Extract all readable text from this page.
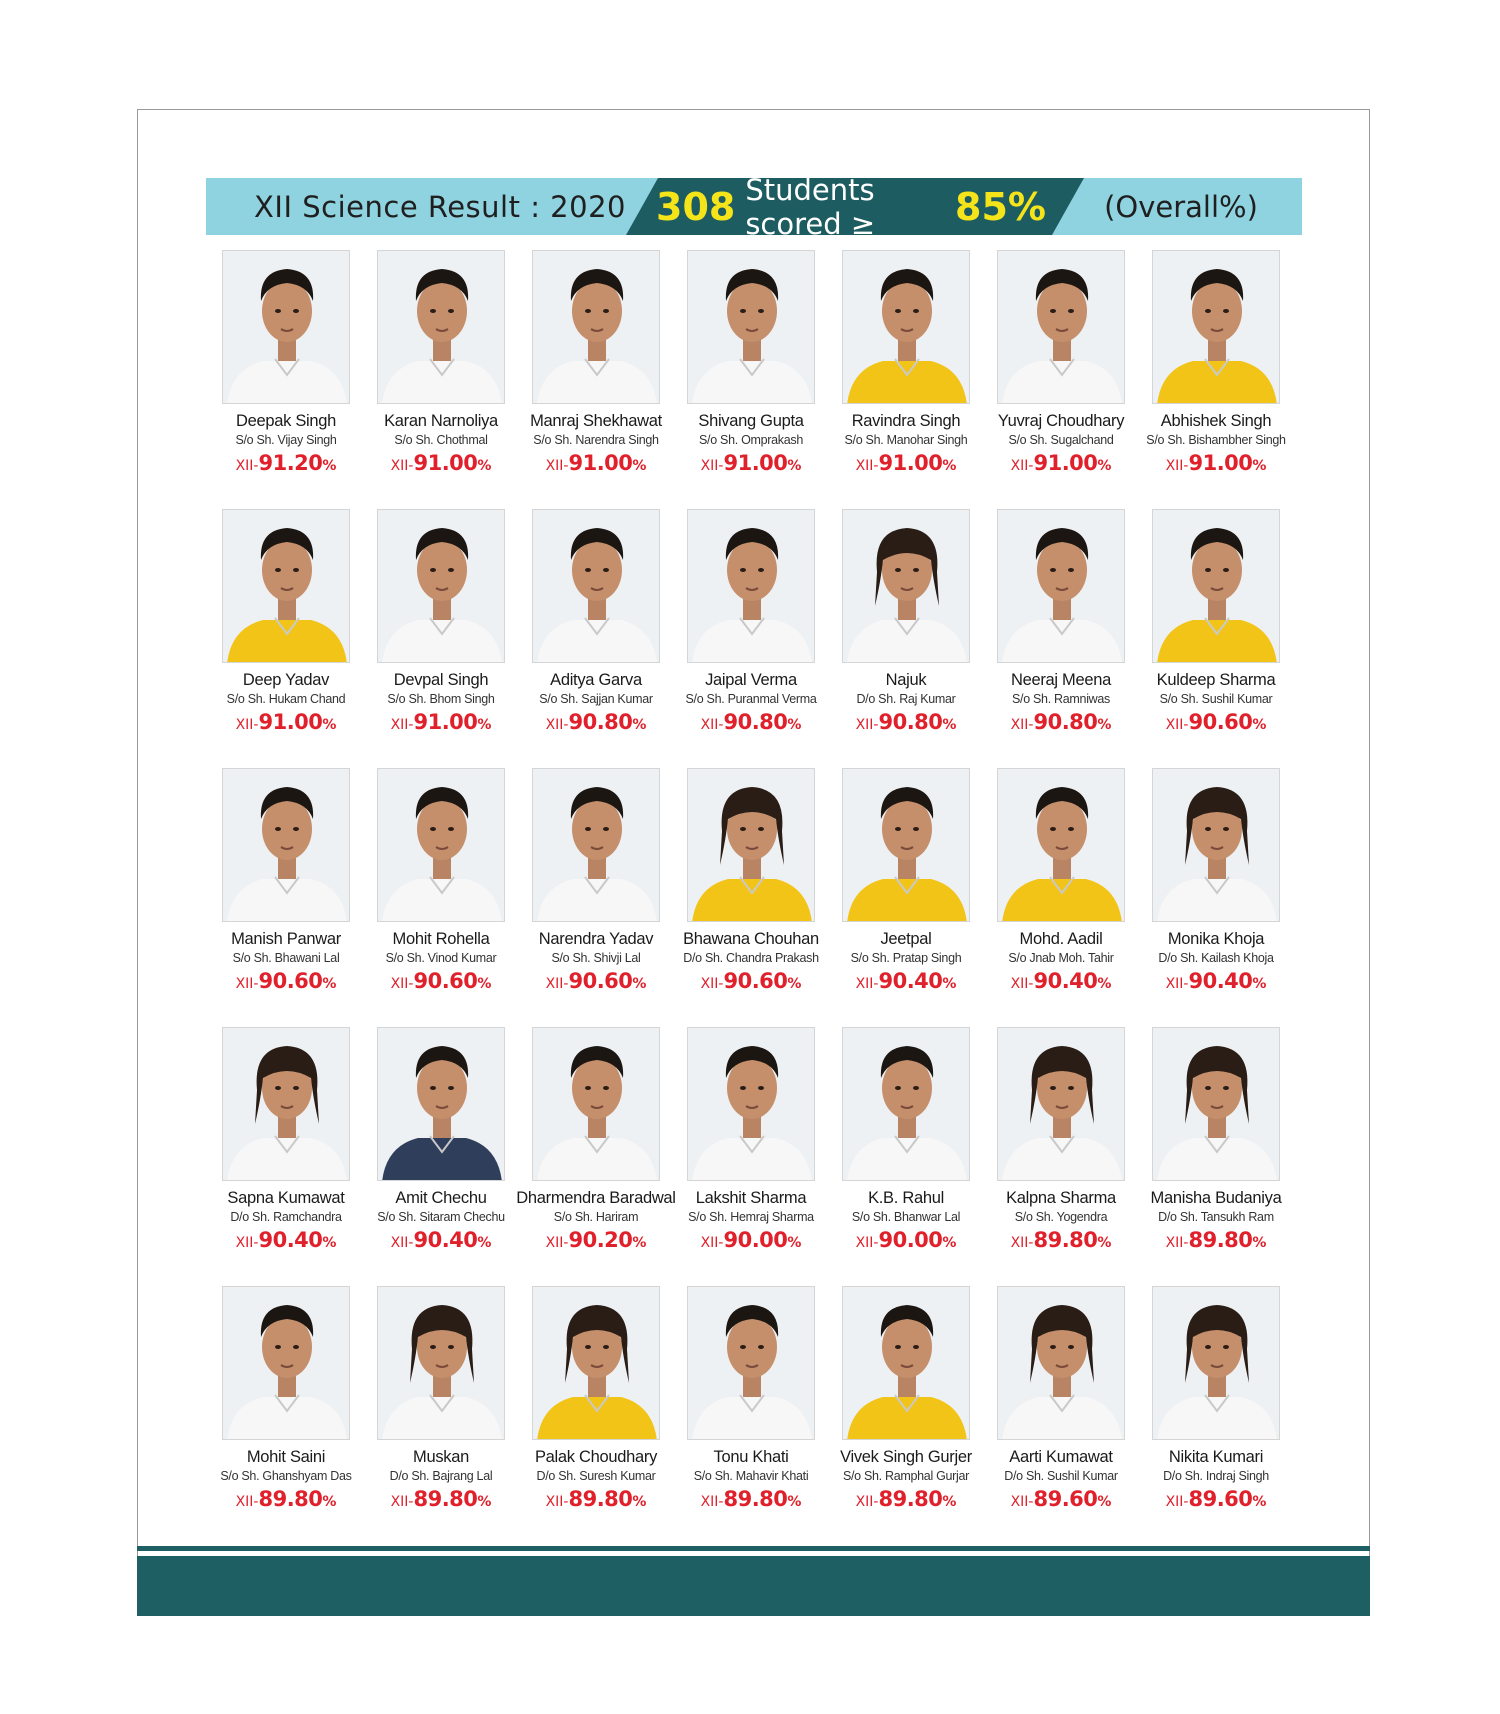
XII Science Result : 2020 308 Students scored ≥	85% (Overall%)
Deepak Singh
S/o Sh. Vijay Singh
XII-91.20%
Karan Narnoliya
S/o Sh. Chothmal
XII-91.00%
Manraj Shekhawat
S/o Sh. Narendra Singh
XII-91.00%
Shivang Gupta
S/o Sh. Omprakash
XII-91.00%
Ravindra Singh
S/o Sh. Manohar Singh
XII-91.00%
Yuvraj Choudhary
S/o Sh. Sugalchand
XII-91.00%
Abhishek Singh
S/o Sh. Bishambher Singh
XII-91.00%
Deep Yadav
S/o Sh. Hukam Chand
XII-91.00%
Devpal Singh
S/o Sh. Bhom Singh
XII-91.00%
Aditya Garva
S/o Sh. Sajjan Kumar
XII-90.80%
Jaipal Verma
S/o Sh. Puranmal Verma
XII-90.80%
Najuk
D/o Sh. Raj Kumar
XII-90.80%
Neeraj Meena
S/o Sh. Ramniwas
XII-90.80%
Kuldeep Sharma
S/o Sh. Sushil Kumar
XII-90.60%
Manish Panwar
S/o Sh. Bhawani Lal
XII-90.60%
Mohit Rohella
S/o Sh. Vinod Kumar
XII-90.60%
Narendra Yadav
S/o Sh. Shivji Lal
XII-90.60%
Bhawana Chouhan
D/o Sh. Chandra Prakash
XII-90.60%
Jeetpal
S/o Sh. Pratap Singh
XII-90.40%
Mohd. Aadil
S/o Jnab Moh. Tahir
XII-90.40%
Monika Khoja
D/o Sh. Kailash Khoja
XII-90.40%
Sapna Kumawat
D/o Sh. Ramchandra
XII-90.40%
Amit Chechu
S/o Sh. Sitaram Chechu
XII-90.40%
Dharmendra Baradwal
S/o Sh. Hariram
XII-90.20%
Lakshit Sharma
S/o Sh. Hemraj Sharma
XII-90.00%
K.B. Rahul
S/o Sh. Bhanwar Lal
XII-90.00%
Kalpna Sharma
S/o Sh. Yogendra
XII-89.80%
Manisha Budaniya
D/o Sh. Tansukh Ram
XII-89.80%
Mohit Saini
S/o Sh. Ghanshyam Das
XII-89.80%
Muskan
D/o Sh. Bajrang Lal
XII-89.80%
Palak Choudhary
D/o Sh. Suresh Kumar
XII-89.80%
Tonu Khati
S/o Sh. Mahavir Khati
XII-89.80%
Vivek Singh Gurjer
S/o Sh. Ramphal Gurjar
XII-89.80%
Aarti Kumawat
D/o Sh. Sushil Kumar
XII-89.60%
Nikita Kumari
D/o Sh. Indraj Singh
XII-89.60%
